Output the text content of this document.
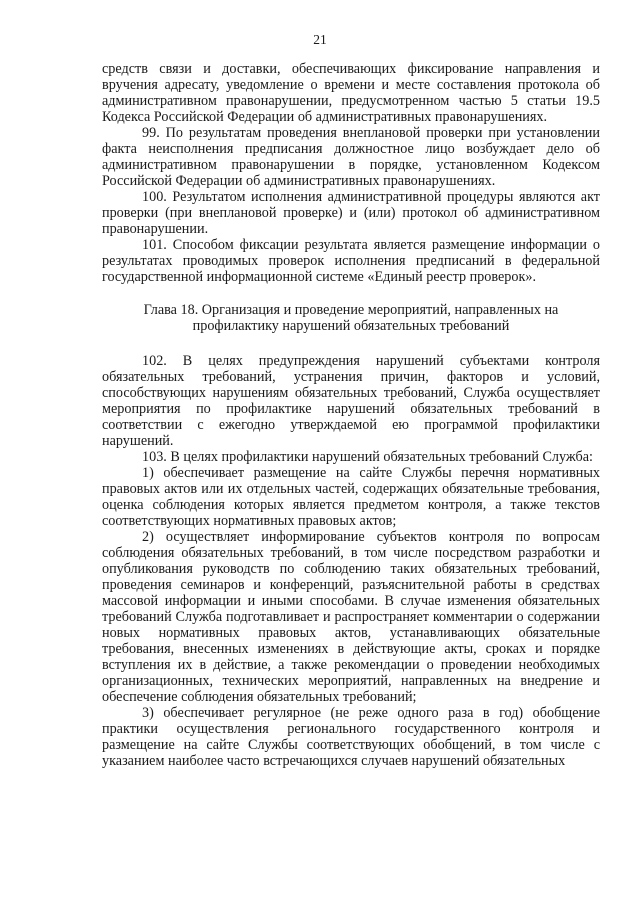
21

средств связи и доставки, обеспечивающих фиксирование направления и вручения адресату, уведомление о времени и месте составления протокола об административном правонарушении, предусмотренном частью 5 статьи 19.5 Кодекса Российской Федерации об административных правонарушениях.

99. По результатам проведения внеплановой проверки при установлении факта неисполнения предписания должностное лицо возбуждает дело об административном правонарушении в порядке, установленном Кодексом Российской Федерации об административных правонарушениях.

100. Результатом исполнения административной процедуры являются акт проверки (при внеплановой проверке) и (или) протокол об административном правонарушении.

101. Способом фиксации результата является размещение информации о результатах проводимых проверок исполнения предписаний в федеральной государственной информационной системе «Единый реестр проверок».

Глава 18. Организация и проведение мероприятий, направленных на профилактику нарушений обязательных требований

102. В целях предупреждения нарушений субъектами контроля обязательных требований, устранения причин, факторов и условий, способствующих нарушениям обязательных требований, Служба осуществляет мероприятия по профилактике нарушений обязательных требований в соответствии с ежегодно утверждаемой ею программой профилактики нарушений.

103. В целях профилактики нарушений обязательных требований Служба:

1) обеспечивает размещение на сайте Службы перечня нормативных правовых актов или их отдельных частей, содержащих обязательные требования, оценка соблюдения которых является предметом контроля, а также текстов соответствующих нормативных правовых актов;

2) осуществляет информирование субъектов контроля по вопросам соблюдения обязательных требований, в том числе посредством разработки и опубликования руководств по соблюдению таких обязательных требований, проведения семинаров и конференций, разъяснительной работы в средствах массовой информации и иными способами. В случае изменения обязательных требований Служба подготавливает и распространяет комментарии о содержании новых нормативных правовых актов, устанавливающих обязательные требования, внесенных изменениях в действующие акты, сроках и порядке вступления их в действие, а также рекомендации о проведении необходимых организационных, технических мероприятий, направленных на внедрение и обеспечение соблюдения обязательных требований;

3) обеспечивает регулярное (не реже одного раза в год) обобщение практики осуществления регионального государственного контроля и размещение на сайте Службы соответствующих обобщений, в том числе с указанием наиболее часто встречающихся случаев нарушений обязательных
